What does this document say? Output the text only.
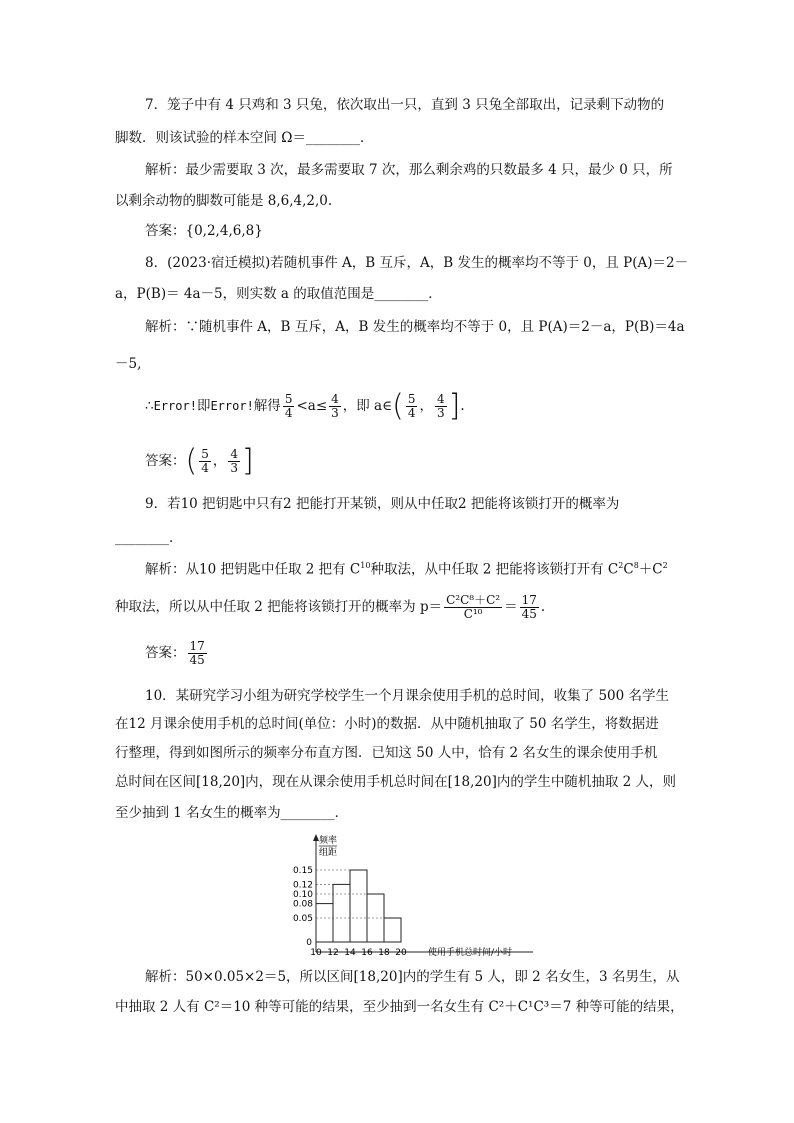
7．笼子中有 4 只鸡和 3 只兔，依次取出一只，直到 3 只兔全部取出，记录剩下动物的
脚数．则该试验的样本空间 Ω＝________．
解析：最少需要取 3 次，最多需要取 7 次，那么剩余鸡的只数最多 4 只，最少 0 只，所
以剩余动物的脚数可能是 8,6,4,2,0.
答案：{0,2,4,6,8}
8．(2023·宿迁模拟)若随机事件 A，B 互斥，A，B 发生的概率均不等于 0，且 P(A)＝2－
a，P(B)＝ 4a－5，则实数 a 的取值范围是________．
解析：∵随机事件 A，B 互斥，A，B 发生的概率均不等于 0，且 P(A)＝2－a，P(B)＝4a
－5,
∴Error!即Error!解得 $\frac{5}{4} <a\le \frac{4}{3}$ ，即 a∈( $\frac{5}{4}$ ， $\frac{4}{3}$ ].
答案：( $\frac{5}{4}$ ， $\frac{4}{3}$ ]
9．若10 把钥匙中只有2 把能打开某锁，则从中任取2 把能将该锁打开的概率为
________．
解析：从10 把钥匙中任取 2 把有 $C^{10}$种取法，从中任取 2 把能将该锁打开有 $C^2C^8+C^2$
种取法，所以从中任取 2 把能将该锁打开的概率为 $p= \frac{\text{C²C⁸＋C²}}{\text{C¹⁰}} = \frac{17}{45}$ .
答案： $\frac{17}{45}$
10．某研究学习小组为研究学校学生一个月课余使用手机的总时间，收集了 500 名学生
在12 月课余使用手机的总时间(单位：小时)的数据．从中随机抽取了 50 名学生，将数据进
行整理，得到如图所示的频率分布直方图．已知这 50 人中，恰有 2 名女生的课余使用手机
总时间在区间[18,20]内，现在从课余使用手机总时间在[18,20]内的学生中随机抽取 2 人，则
至少抽到 1 名女生的概率为________．
频率
组距
0.15
0.12
0.10
0.08
0.05
10 12 14 16 18 20
0
使用手机总时间/小时
解析：50×0.05×2＝5，所以区间[18,20]内的学生有 5 人，即 2 名女生，3 名男生，从
中抽取 2 人有 C²＝10 种等可能的结果，至少抽到一名女生有 C²＋C¹C³＝7 种等可能的结果，
